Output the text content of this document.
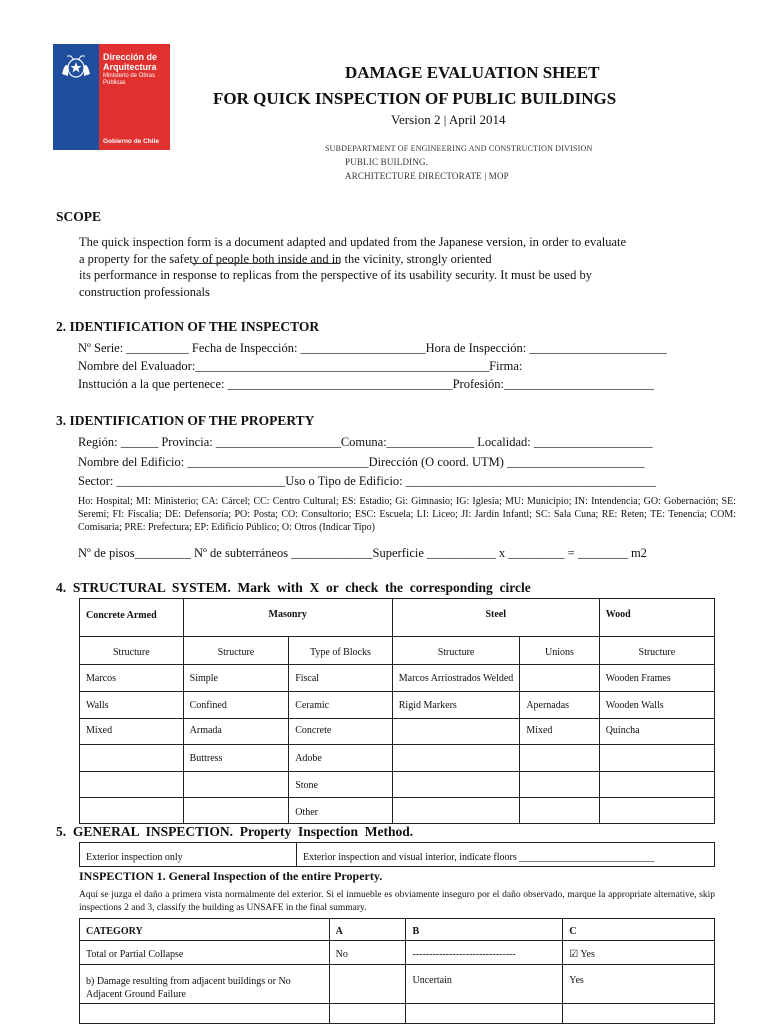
Dirección de Arquitectura
Ministerio de Obras Públicas
Gobierno de Chile
DAMAGE EVALUATION SHEET
FOR QUICK INSPECTION OF PUBLIC BUILDINGS
Version 2 | April 2014
SUBDEPARTMENT OF ENGINEERING AND CONSTRUCTION DIVISION
PUBLIC BUILDING.
ARCHITECTURE DIRECTORATE | MOP
SCOPE
The quick inspection form is a document adapted and updated from the Japanese version, in order to evaluate
a property for the safety of people both inside and in the vicinity, strongly oriented
its performance in response to replicas from the perspective of its usability security. It must be used by
construction professionals
2. IDENTIFICATION OF THE INSPECTOR
Nº Serie: __________ Fecha de Inspección: ____________________Hora de Inspección: ______________________
Nombre del Evaluador:_______________________________________________Firma:
Insttución a la que pertenece: ____________________________________Profesión:________________________
3. IDENTIFICATION OF THE PROPERTY
Región: ______ Provincia: ____________________Comuna:______________ Localidad: ___________________
Nombre del Edificio: _____________________________Dirección (O coord. UTM) ______________________
Sector: ___________________________Uso o Tipo de Edificio: ________________________________________
Ho: Hospital; MI: Ministerio; CA: Cárcel; CC: Centro Cultural; ES: Estadio; Gi: Gimnasio; IG: Iglesia; MU: Municipio; IN: Intendencia; GO: Gobernación; SE: Seremi; FI: Fiscalia; DE: Defensoría; PO: Posta; CO: Consultorio; ESC: Escuela; LI: Liceo; JI: Jardín Infantl; SC: Sala Cuna; RE: Reten; TE: Tenencia; COM: Comisaria; PRE: Prefectura; EP: Edificio Público; O: Otros (Indicar Tipo)
Nº de pisos_________ Nº de subterráneos _____________Superficie ___________ x _________ = ________ m2
4.  STRUCTURAL  SYSTEM.  Mark  with  X  or  check  the  corresponding  circle
Concrete Armed	Masonry		Steel		Wood
Structure	Structure	Type of Blocks	Structure	Unions	Structure
Marcos	Simple	Fiscal	Marcos Arriostrados Welded		Wooden Frames
Walls	Confined	Ceramic	Rigid Markers	Apernadas	Wooden Walls
Mixed	Armada	Concrete		Mixed	Quincha
	Buttress	Adobe			
		Stone			
		Other			
5.  GENERAL  INSPECTION.  Property  Inspection  Method.
Exterior inspection only	Exterior inspection and visual interior, indicate floors ___________________________
INSPECTION 1. General Inspection of the entire Property.
Aquí se juzga el daño a primera vista normalmente del exterior. Si el inmueble es obviamente inseguro por el daño observado, marque la appropriate alternative, skip inspections 2 and 3, classify the building as UNSAFE in the final summary.
CATEGORY	A	B	C
Total or Partial Collapse	No	-------------------------------	☑ Yes
b) Damage resulting from adjacent buildings or No Adjacent Ground Failure		Uncertain	Yes
